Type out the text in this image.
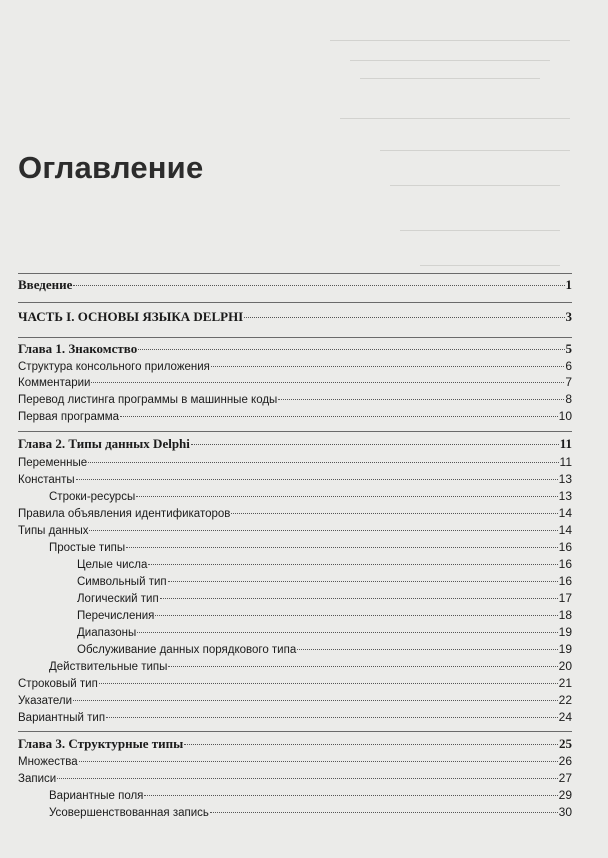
Оглавление
Введение	1
ЧАСТЬ I. ОСНОВЫ ЯЗЫКА DELPHI	3
Глава 1. Знакомство	5
Структура консольного приложения	6
Комментарии	7
Перевод листинга программы в машинные коды	8
Первая программа	10
Глава 2. Типы данных Delphi	11
Переменные	11
Константы	13
Строки-ресурсы	13
Правила объявления идентификаторов	14
Типы данных	14
Простые типы	16
Целые числа	16
Символьный тип	16
Логический тип	17
Перечисления	18
Диапазоны	19
Обслуживание данных порядкового типа	19
Действительные типы	20
Строковый тип	21
Указатели	22
Вариантный тип	24
Глава 3. Структурные типы	25
Множества	26
Записи	27
Вариантные поля	29
Усовершенствованная запись	30
